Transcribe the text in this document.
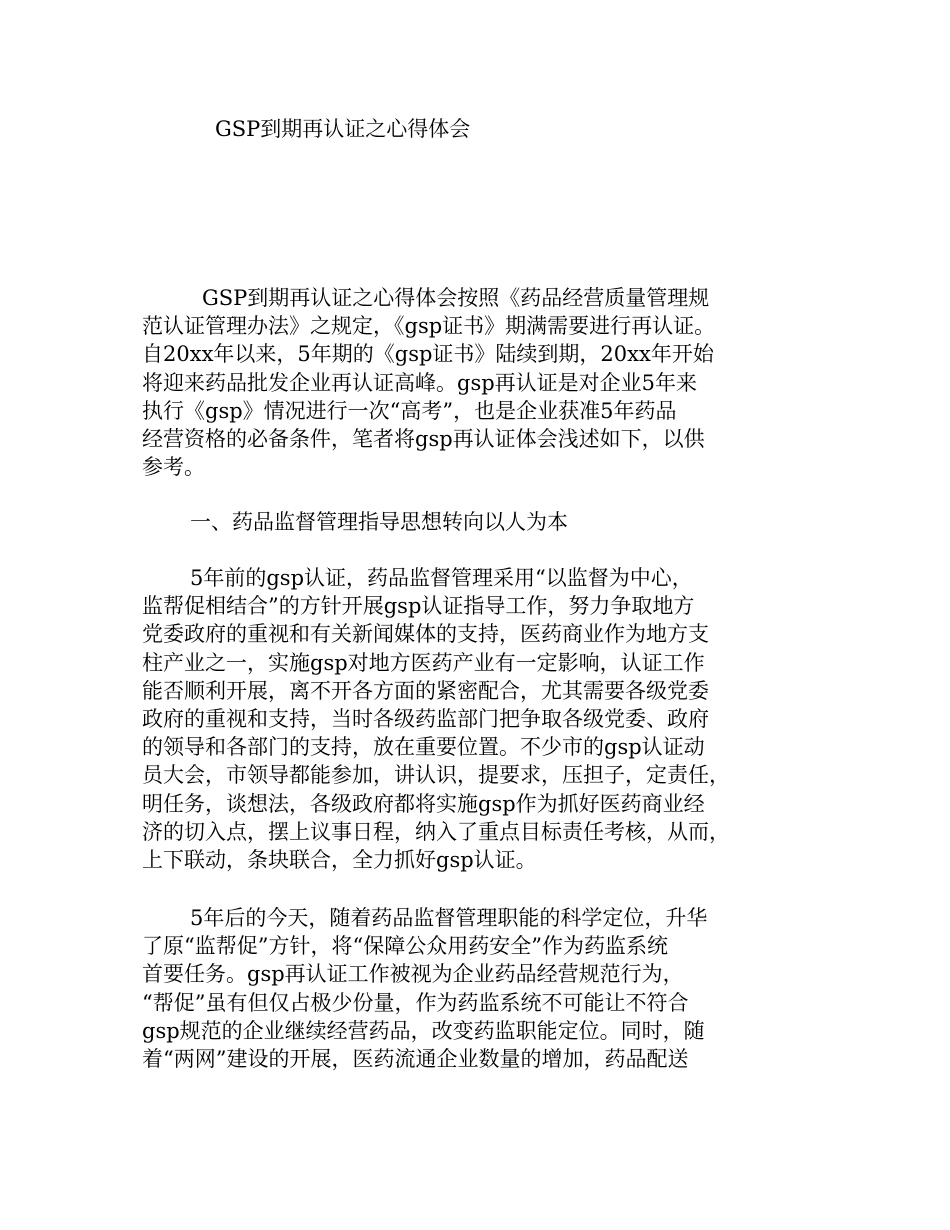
GSP到期再认证之心得体会
GSP到期再认证之心得体会按照《药品经营质量管理规
范认证管理办法》之规定，《gsp证书》期满需要进行再认证。
自20xx年以来，5年期的《gsp证书》陆续到期，20xx年开始
将迎来药品批发企业再认证高峰。gsp再认证是对企业5年来
执行《gsp》情况进行一次“高考”，也是企业获准5年药品
经营资格的必备条件，笔者将gsp再认证体会浅述如下，以供
参考。
一、药品监督管理指导思想转向以人为本
5年前的gsp认证，药品监督管理采用“以监督为中心，
监帮促相结合”的方针开展gsp认证指导工作，努力争取地方
党委政府的重视和有关新闻媒体的支持，医药商业作为地方支
柱产业之一，实施gsp对地方医药产业有一定影响，认证工作
能否顺利开展，离不开各方面的紧密配合，尤其需要各级党委
政府的重视和支持，当时各级药监部门把争取各级党委、政府
的领导和各部门的支持，放在重要位置。不少市的gsp认证动
员大会，市领导都能参加，讲认识，提要求，压担子，定责任，
明任务，谈想法，各级政府都将实施gsp作为抓好医药商业经
济的切入点，摆上议事日程，纳入了重点目标责任考核，从而，
上下联动，条块联合，全力抓好gsp认证。
5年后的今天，随着药品监督管理职能的科学定位，升华
了原“监帮促”方针，将“保障公众用药安全”作为药监系统
首要任务。gsp再认证工作被视为企业药品经营规范行为，
“帮促”虽有但仅占极少份量，作为药监系统不可能让不符合
gsp规范的企业继续经营药品，改变药监职能定位。同时，随
着“两网”建设的开展，医药流通企业数量的增加，药品配送
